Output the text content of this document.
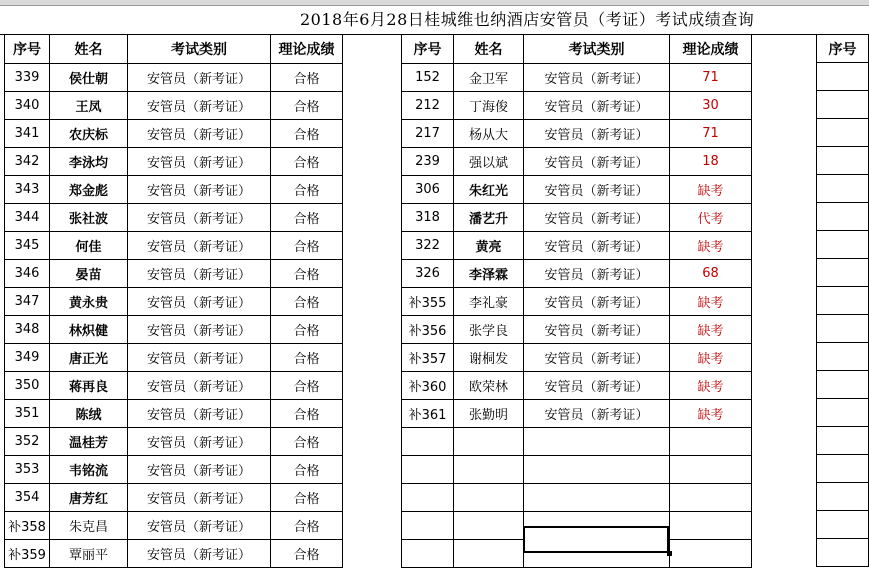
2018年6月28日桂城维也纳酒店安管员（考证）考试成绩查询
序号	姓名	考试类别	理论成绩
339	侯仕朝	安管员（新考证）	合格
340	王凤	安管员（新考证）	合格
341	农庆标	安管员（新考证）	合格
342	李泳均	安管员（新考证）	合格
343	郑金彪	安管员（新考证）	合格
344	张社波	安管员（新考证）	合格
345	何佳	安管员（新考证）	合格
346	晏苗	安管员（新考证）	合格
347	黄永贵	安管员（新考证）	合格
348	林炽健	安管员（新考证）	合格
349	唐正光	安管员（新考证）	合格
350	蒋再良	安管员（新考证）	合格
351	陈绒	安管员（新考证）	合格
352	温桂芳	安管员（新考证）	合格
353	韦铭流	安管员（新考证）	合格
354	唐芳红	安管员（新考证）	合格
补358	朱克昌	安管员（新考证）	合格
补359	覃丽平	安管员（新考证）	合格
序号	姓名	考试类别	理论成绩
152	金卫军	安管员（新考证）	71
212	丁海俊	安管员（新考证）	30
217	杨从大	安管员（新考证）	71
239	强以斌	安管员（新考证）	18
306	朱红光	安管员（新考证）	缺考
318	潘艺升	安管员（新考证）	代考
322	黄亮	安管员（新考证）	缺考
326	李泽霖	安管员（新考证）	68
补355	李礼豪	安管员（新考证）	缺考
补356	张学良	安管员（新考证）	缺考
补357	谢桐发	安管员（新考证）	缺考
补360	欧荣林	安管员（新考证）	缺考
补361	张勤明	安管员（新考证）	缺考

序号
